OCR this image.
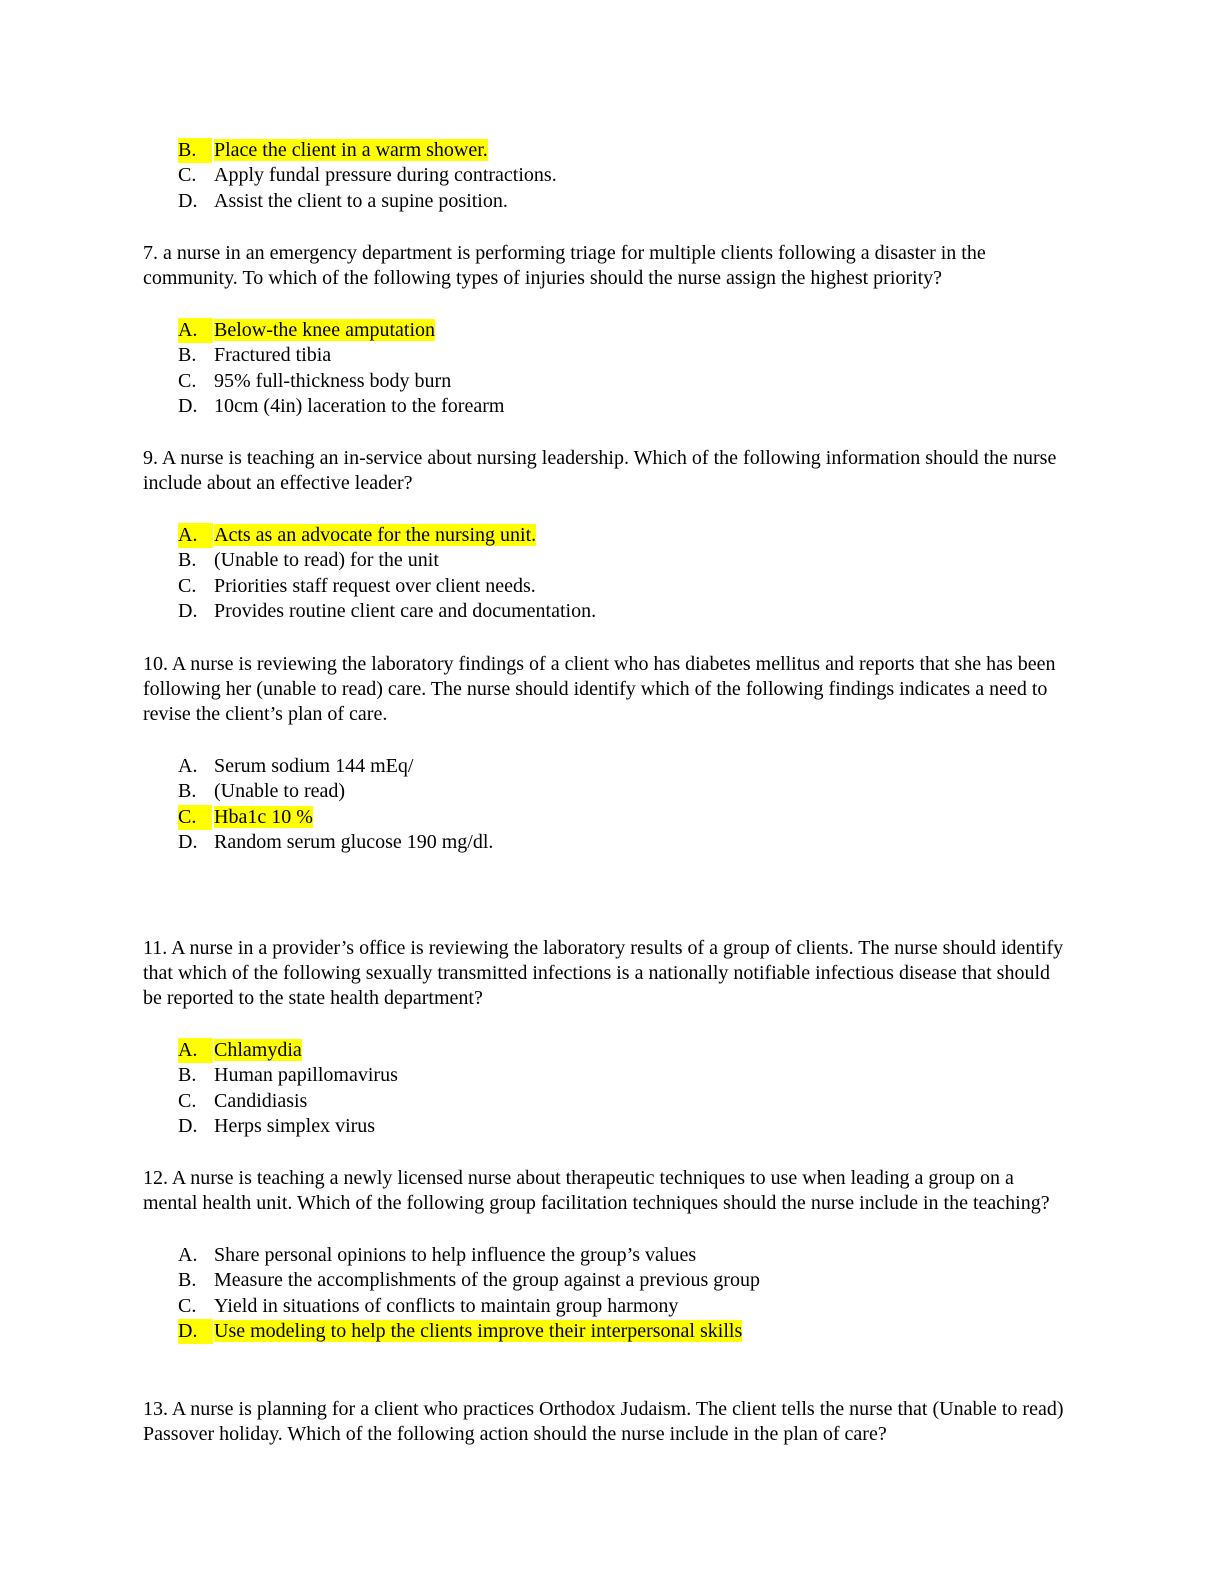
B. Place the client in a warm shower.
C. Apply fundal pressure during contractions.
D. Assist the client to a supine position.

7. a nurse in an emergency department is performing triage for multiple clients following a disaster in the community. To which of the following types of injuries should the nurse assign the highest priority?

A. Below-the knee amputation
B. Fractured tibia
C. 95% full-thickness body burn
D. 10cm (4in) laceration to the forearm

9. A nurse is teaching an in-service about nursing leadership. Which of the following information should the nurse include about an effective leader?

A. Acts as an advocate for the nursing unit.
B. (Unable to read) for the unit
C. Priorities staff request over client needs.
D. Provides routine client care and documentation.

10. A nurse is reviewing the laboratory findings of a client who has diabetes mellitus and reports that she has been following her (unable to read) care. The nurse should identify which of the following findings indicates a need to revise the client’s plan of care.

A. Serum sodium 144 mEq/
B. (Unable to read)
C. Hba1c 10 %
D. Random serum glucose 190 mg/dl.

11. A nurse in a provider’s office is reviewing the laboratory results of a group of clients. The nurse should identify that which of the following sexually transmitted infections is a nationally notifiable infectious disease that should be reported to the state health department?

A. Chlamydia
B. Human papillomavirus
C. Candidiasis
D. Herps simplex virus

12. A nurse is teaching a newly licensed nurse about therapeutic techniques to use when leading a group on a mental health unit. Which of the following group facilitation techniques should the nurse include in the teaching?

A. Share personal opinions to help influence the group’s values
B. Measure the accomplishments of the group against a previous group
C. Yield in situations of conflicts to maintain group harmony
D. Use modeling to help the clients improve their interpersonal skills

13. A nurse is planning for a client who practices Orthodox Judaism. The client tells the nurse that (Unable to read) Passover holiday. Which of the following action should the nurse include in the plan of care?
